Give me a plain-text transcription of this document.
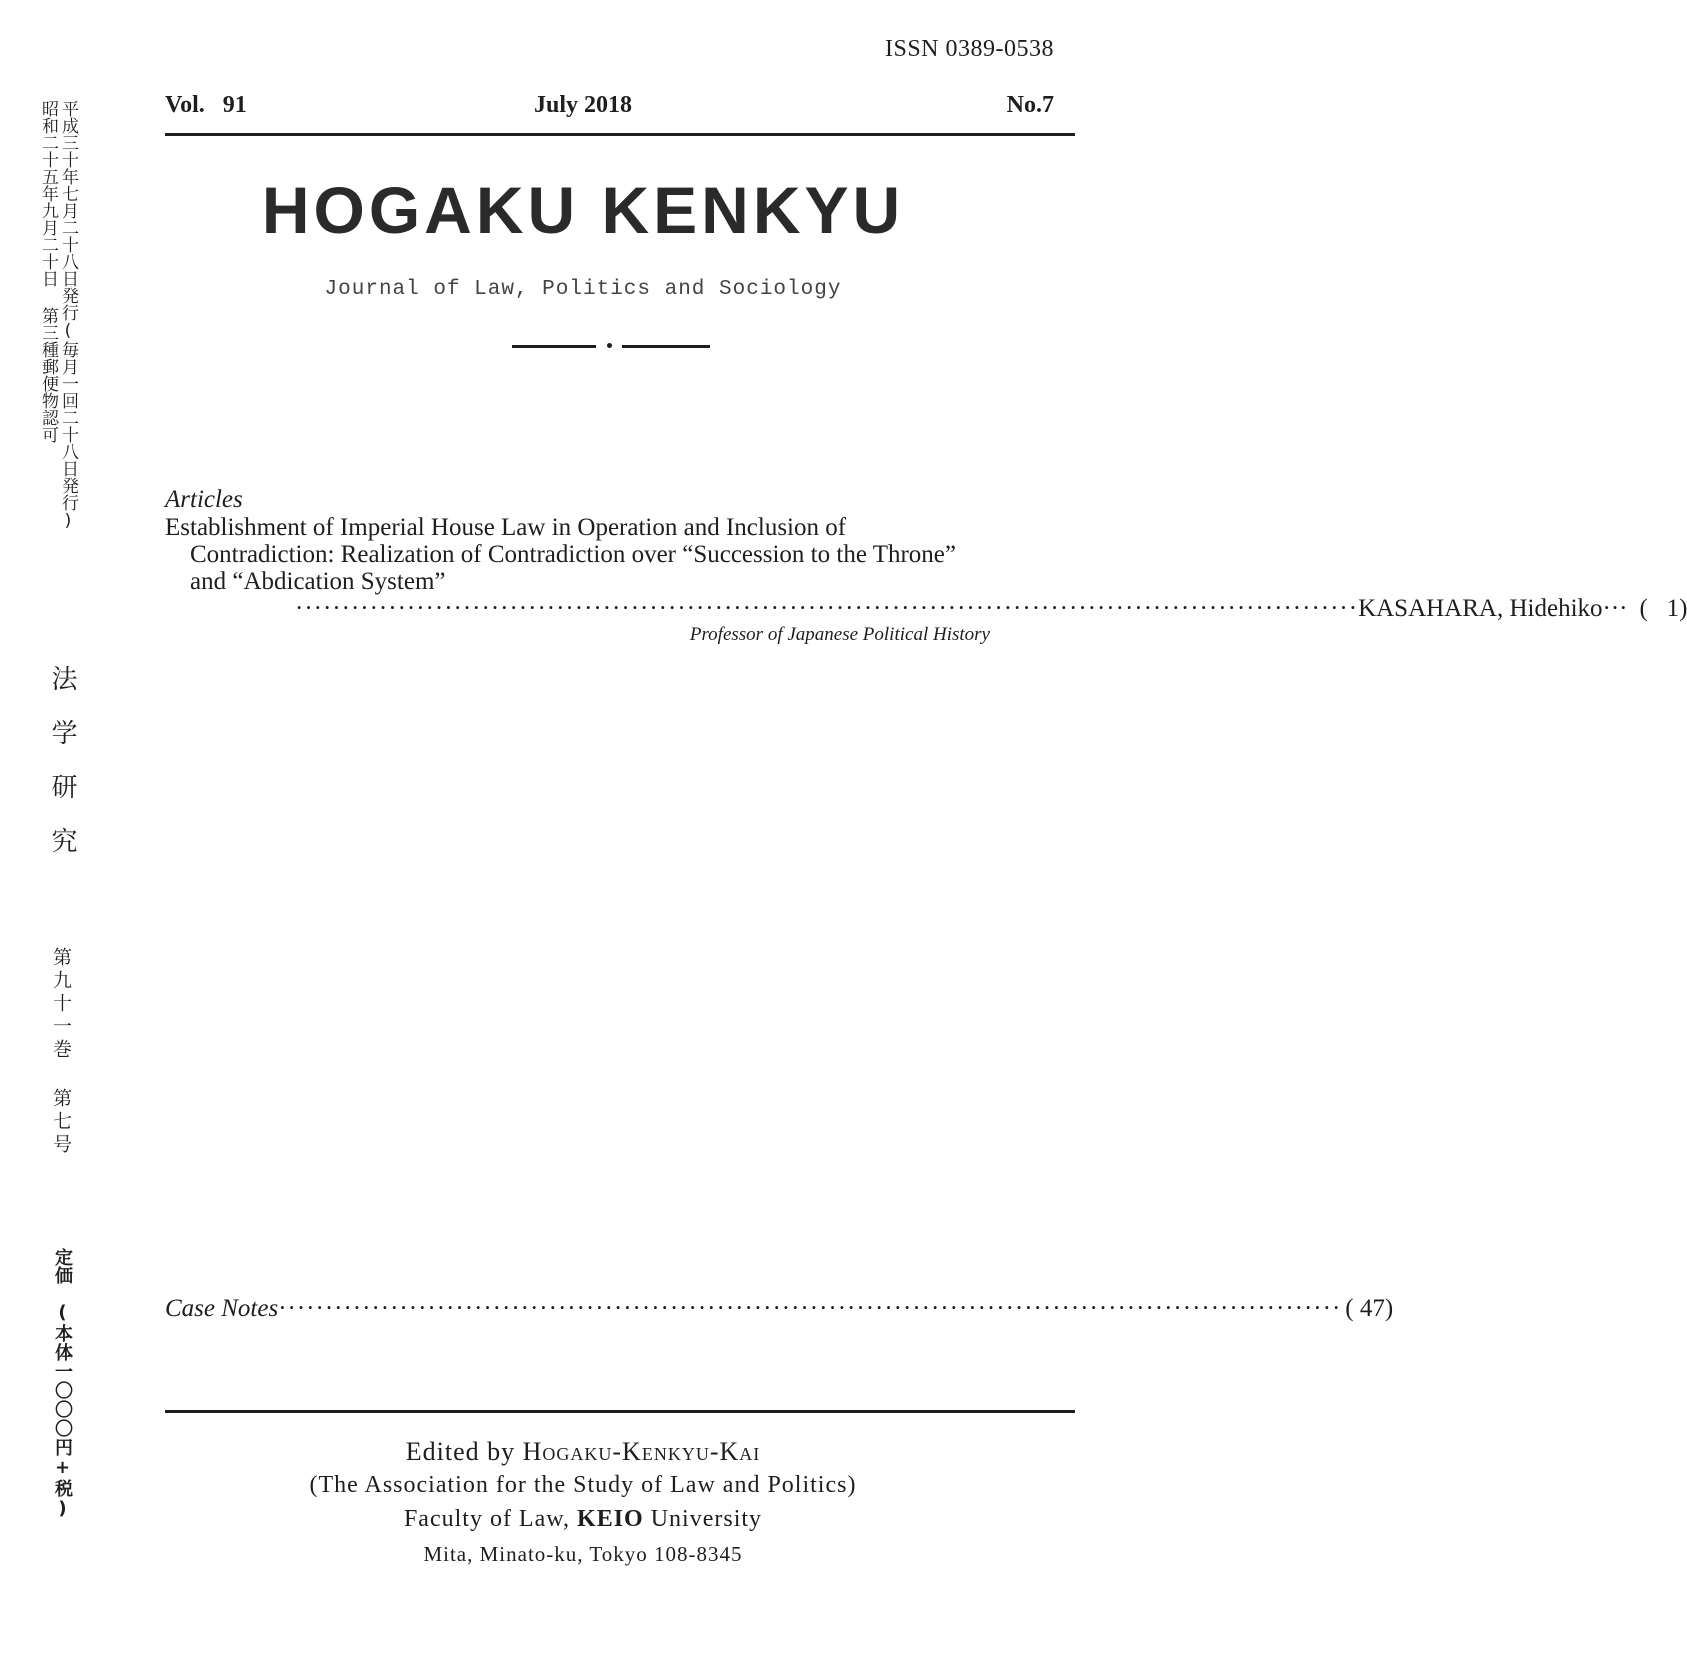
ISSN 0389-0538
Vol.   91	July 2018	No.7
HOGAKU KENKYU
Journal of Law, Politics and Sociology
Articles
Establishment of Imperial House Law in Operation and Inclusion of
Contradiction: Realization of Contradiction over “Succession to the Throne”
and “Abdication System”
·················································································································· KASAHARA, Hidehiko··· (   1)
Professor of Japanese Political History
Case Notes ·················································································································· ( 47)
Edited by Hogaku-Kenkyu-Kai
(The Association for the Study of Law and Politics)
Faculty of Law, KEIO University
Mita, Minato-ku, Tokyo 108-8345
平成三十年七月二十八日発行(毎月一回二十八日発行)
昭和二十五年九月二十日 第三種郵便物認可
法学研究
第九十一巻 第七号
定価
(本体一〇〇〇円+税)
